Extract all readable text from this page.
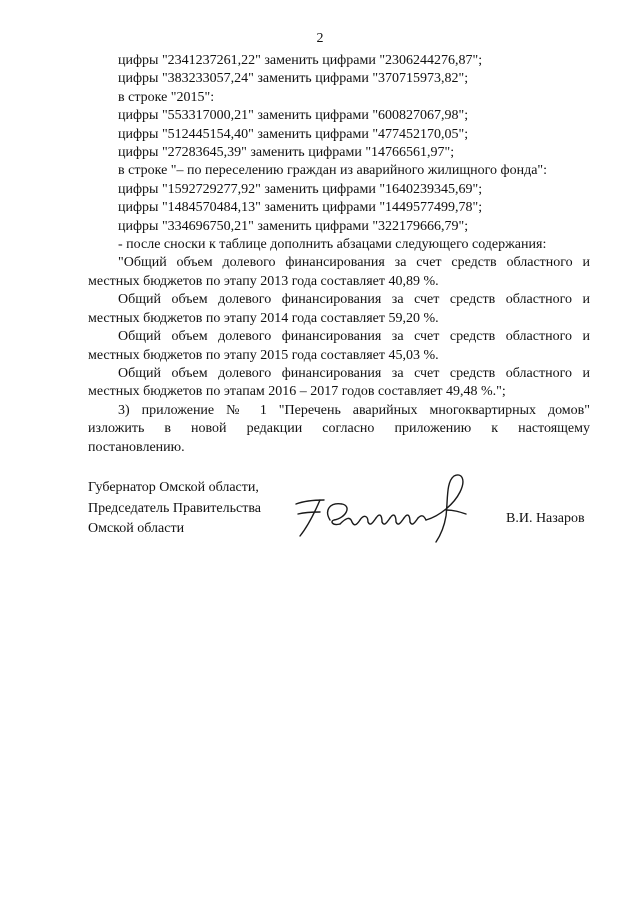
2
цифры "2341237261,22" заменить цифрами "2306244276,87";
цифры "383233057,24" заменить цифрами "370715973,82";
в строке "2015":
цифры "553317000,21" заменить цифрами "600827067,98";
цифры "512445154,40" заменить цифрами "477452170,05";
цифры "27283645,39" заменить цифрами "14766561,97";
в строке "– по переселению граждан из аварийного жилищного фонда":
цифры "1592729277,92" заменить цифрами "1640239345,69";
цифры "1484570484,13" заменить цифрами "1449577499,78";
цифры "334696750,21" заменить цифрами "322179666,79";
- после сноски к таблице дополнить абзацами следующего содержания:
"Общий объем долевого финансирования за счет средств областного и
местных бюджетов по этапу 2013 года составляет 40,89 %.
Общий объем долевого финансирования за счет средств областного и
местных бюджетов по этапу 2014 года составляет 59,20 %.
Общий объем долевого финансирования за счет средств областного и
местных бюджетов по этапу 2015 года составляет 45,03 %.
Общий объем долевого финансирования за счет средств областного и
местных бюджетов по этапам 2016 – 2017 годов составляет 49,48 %.";
3) приложение № 1 "Перечень аварийных многоквартирных домов"
изложить в новой редакции согласно приложению к настоящему
постановлению.
Губернатор Омской области,
Председатель Правительства
Омской области
В.И. Назаров
